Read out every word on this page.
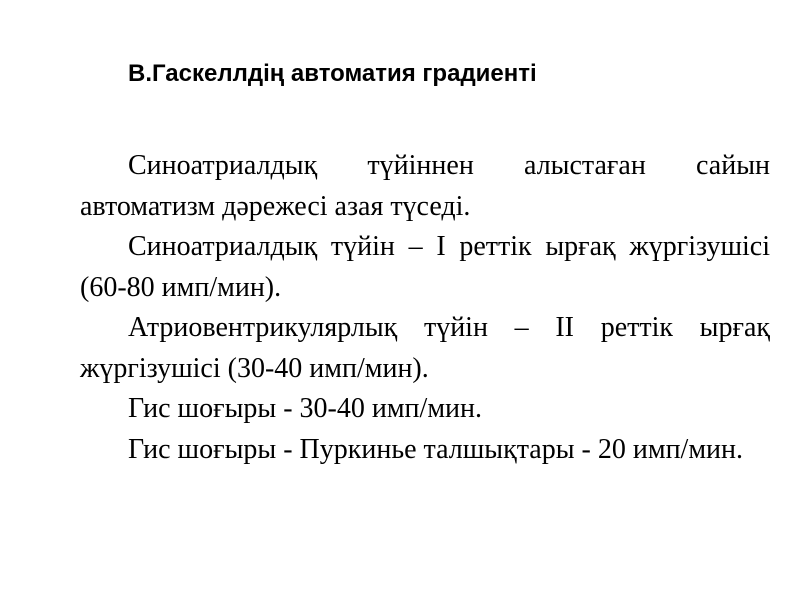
В.Гаскеллдің автоматия градиенті

Синоатриалдық түйіннен алыстаған сайын автоматизм дәрежесі азая түседі.

Синоатриалдық түйін – I реттік ырғақ жүргізушісі (60-80 имп/мин).

Атриовентрикулярлық түйін – II реттік ырғақ жүргізушісі (30-40 имп/мин).

Гис шоғыры - 30-40 имп/мин.

Гис шоғыры - Пуркинье талшықтары - 20 имп/мин.
